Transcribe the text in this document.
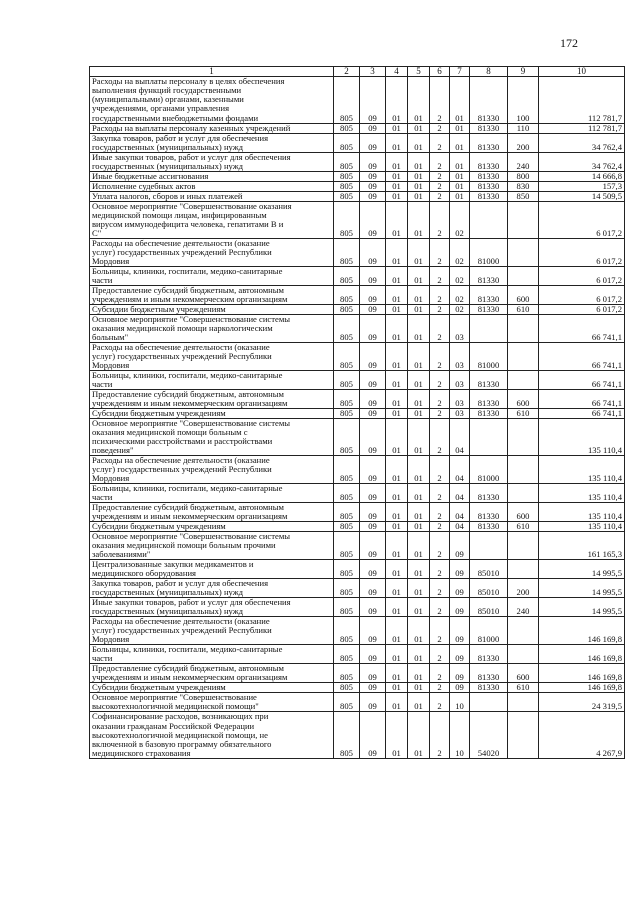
172
1	2	3	4	5	6	7	8	9	10
Расходы на выплаты персоналу в целях обеспечения
выполнения функций государственными
(муниципальными) органами, казенными
учреждениями, органами управления
государственными внебюджетными фондами	805	09	01	01	2	01	81330	100	112 781,7
Расходы на выплаты персоналу казенных учреждений	805	09	01	01	2	01	81330	110	112 781,7
Закупка товаров, работ и услуг для обеспечения
государственных (муниципальных) нужд	805	09	01	01	2	01	81330	200	34 762,4
Иные закупки товаров, работ и услуг для обеспечения
государственных (муниципальных) нужд	805	09	01	01	2	01	81330	240	34 762,4
Иные бюджетные ассигнования	805	09	01	01	2	01	81330	800	14 666,8
Исполнение судебных актов	805	09	01	01	2	01	81330	830	157,3
Уплата налогов, сборов и иных платежей	805	09	01	01	2	01	81330	850	14 509,5
Основное мероприятие "Совершенствование оказания
медицинской помощи лицам, инфицированным
вирусом иммунодефицита человека, гепатитами В и
С"	805	09	01	01	2	02			6 017,2
Расходы на обеспечение деятельности (оказание
услуг) государственных учреждений Республики
Мордовия	805	09	01	01	2	02	81000		6 017,2
Больницы, клиники, госпитали, медико-санитарные
части	805	09	01	01	2	02	81330		6 017,2
Предоставление субсидий бюджетным, автономным
учреждениям и иным некоммерческим организациям	805	09	01	01	2	02	81330	600	6 017,2
Субсидии бюджетным учреждениям	805	09	01	01	2	02	81330	610	6 017,2
Основное мероприятие "Совершенствование системы
оказания медицинской помощи наркологическим
больным"	805	09	01	01	2	03			66 741,1
Расходы на обеспечение деятельности (оказание
услуг) государственных учреждений Республики
Мордовия	805	09	01	01	2	03	81000		66 741,1
Больницы, клиники, госпитали, медико-санитарные
части	805	09	01	01	2	03	81330		66 741,1
Предоставление субсидий бюджетным, автономным
учреждениям и иным некоммерческим организациям	805	09	01	01	2	03	81330	600	66 741,1
Субсидии бюджетным учреждениям	805	09	01	01	2	03	81330	610	66 741,1
Основное мероприятие "Совершенствование системы
оказания медицинской помощи больным с
психическими расстройствами и расстройствами
поведения"	805	09	01	01	2	04			135 110,4
Расходы на обеспечение деятельности (оказание
услуг) государственных учреждений Республики
Мордовия	805	09	01	01	2	04	81000		135 110,4
Больницы, клиники, госпитали, медико-санитарные
части	805	09	01	01	2	04	81330		135 110,4
Предоставление субсидий бюджетным, автономным
учреждениям и иным некоммерческим организациям	805	09	01	01	2	04	81330	600	135 110,4
Субсидии бюджетным учреждениям	805	09	01	01	2	04	81330	610	135 110,4
Основное мероприятие "Совершенствование системы
оказания медицинской помощи больным прочими
заболеваниями"	805	09	01	01	2	09			161 165,3
Централизованные закупки медикаментов и
медицинского оборудования	805	09	01	01	2	09	85010		14 995,5
Закупка товаров, работ и услуг для обеспечения
государственных (муниципальных) нужд	805	09	01	01	2	09	85010	200	14 995,5
Иные закупки товаров, работ и услуг для обеспечения
государственных (муниципальных) нужд	805	09	01	01	2	09	85010	240	14 995,5
Расходы на обеспечение деятельности (оказание
услуг) государственных учреждений Республики
Мордовия	805	09	01	01	2	09	81000		146 169,8
Больницы, клиники, госпитали, медико-санитарные
части	805	09	01	01	2	09	81330		146 169,8
Предоставление субсидий бюджетным, автономным
учреждениям и иным некоммерческим организациям	805	09	01	01	2	09	81330	600	146 169,8
Субсидии бюджетным учреждениям	805	09	01	01	2	09	81330	610	146 169,8
Основное мероприятие "Совершенствование
высокотехнологичной медицинской помощи"	805	09	01	01	2	10			24 319,5
Софинансирование расходов, возникающих при
оказании гражданам Российской Федерации
высокотехнологичной медицинской помощи, не
включенной в базовую программу обязательного
медицинского страхования	805	09	01	01	2	10	54020		4 267,9
